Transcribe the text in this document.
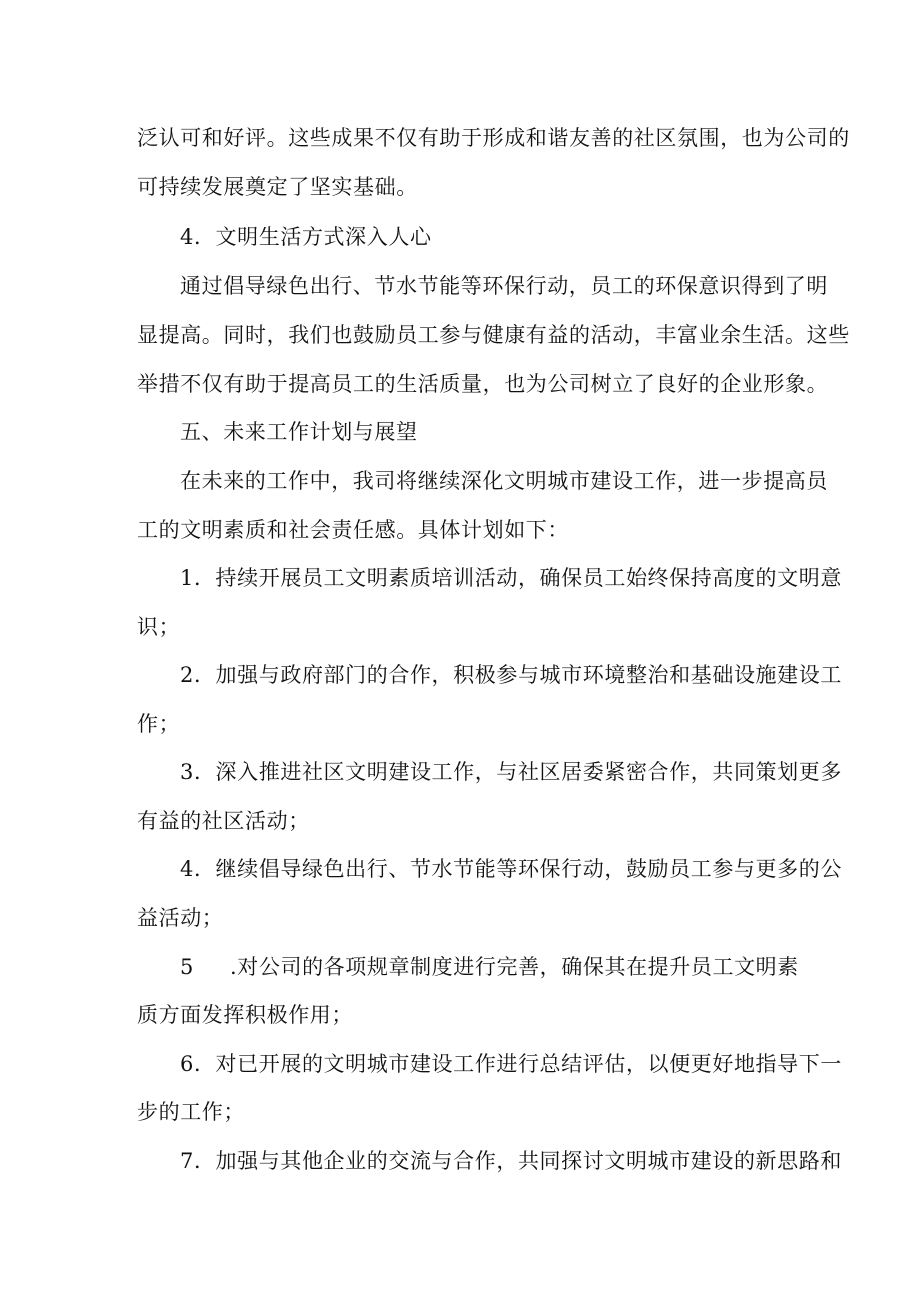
泛认可和好评。这些成果不仅有助于形成和谐友善的社区氛围，也为公司的
可持续发展奠定了坚实基础。
4．文明生活方式深入人心
通过倡导绿色出行、节水节能等环保行动，员工的环保意识得到了明
显提高。同时，我们也鼓励员工参与健康有益的活动，丰富业余生活。这些
举措不仅有助于提高员工的生活质量，也为公司树立了良好的企业形象。
五、未来工作计划与展望
在未来的工作中，我司将继续深化文明城市建设工作，进一步提高员
工的文明素质和社会责任感。具体计划如下：
1．持续开展员工文明素质培训活动，确保员工始终保持高度的文明意
识；
2．加强与政府部门的合作，积极参与城市环境整治和基础设施建设工
作；
3．深入推进社区文明建设工作，与社区居委紧密合作，共同策划更多
有益的社区活动；
4．继续倡导绿色出行、节水节能等环保行动，鼓励员工参与更多的公
益活动；
5 .对公司的各项规章制度进行完善，确保其在提升员工文明素
质方面发挥积极作用；
6．对已开展的文明城市建设工作进行总结评估，以便更好地指导下一
步的工作；
7．加强与其他企业的交流与合作，共同探讨文明城市建设的新思路和
